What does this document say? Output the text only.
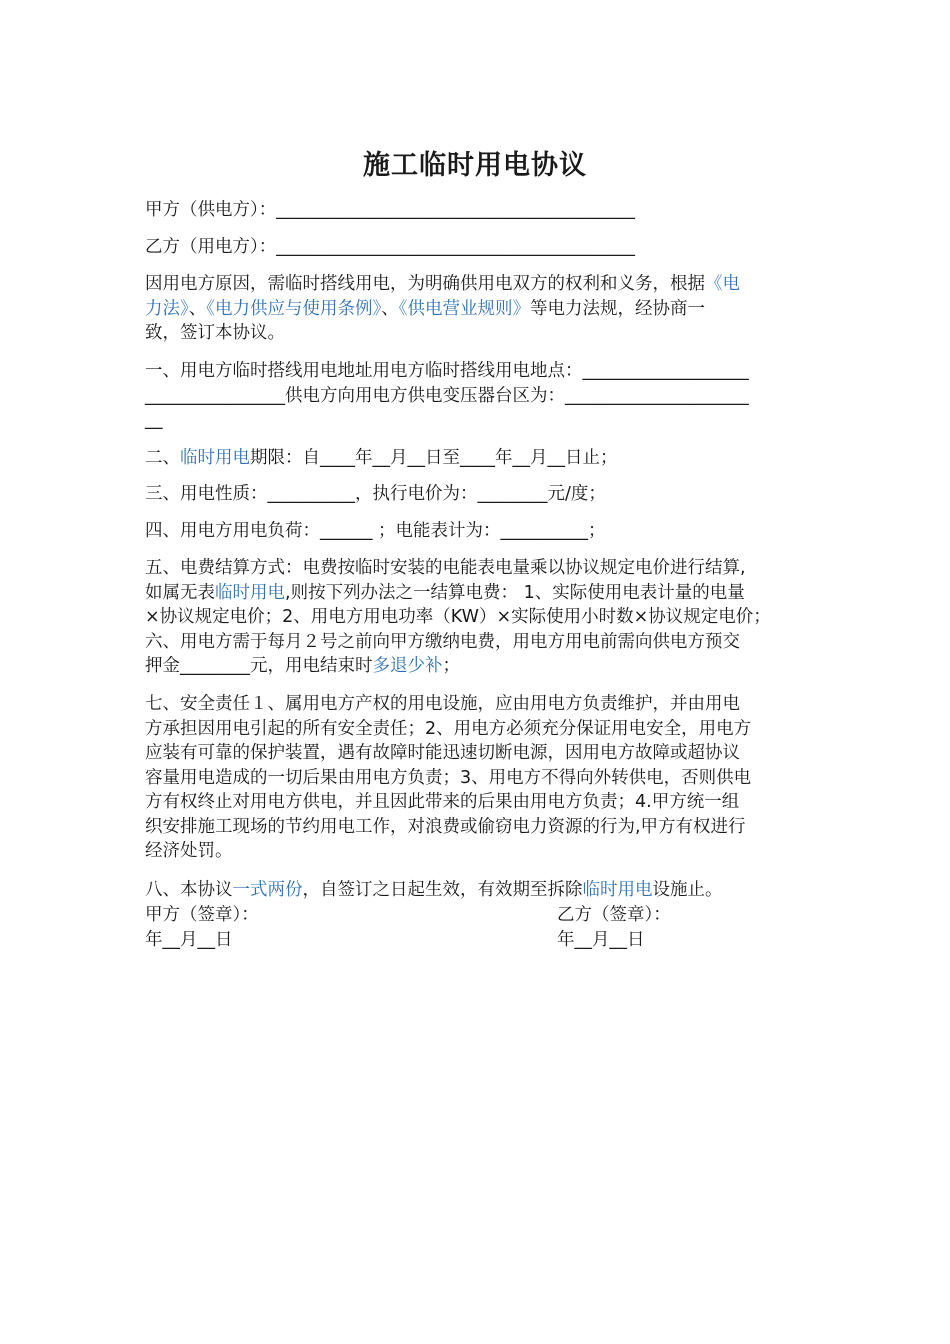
施工临时用电协议
甲方（供电方）：_________________________________________
乙方（用电方）：_________________________________________
因用电方原因，需临时搭线用电，为明确供用电双方的权利和义务，根据《电
力法》、《电力供应与使用条例》、《供电营业规则》等电力法规，经协商一
致，签订本协议。
一、用电方临时搭线用电地址用电方临时搭线用电地点：___________________
________________供电方向用电方供电变压器台区为：_____________________
__
二、临时用电期限：自____年__月__日至____年__月__日止；
三、用电性质：__________，执行电价为：________元/度；
四、用电方用电负荷：______ ；电能表计为：__________；
五、电费结算方式：电费按临时安装的电能表电量乘以协议规定电价进行结算,
如属无表临时用电,则按下列办法之一结算电费： 1、实际使用电表计量的电量
×协议规定电价；2、用电方用电功率（KW）×实际使用小时数×协议规定电价；
六、用电方需于每月２号之前向甲方缴纳电费，用电方用电前需向供电方预交
押金________元，用电结束时多退少补；
七、安全责任１、属用电方产权的用电设施，应由用电方负责维护，并由用电
方承担因用电引起的所有安全责任；2、用电方必须充分保证用电安全，用电方
应装有可靠的保护装置，遇有故障时能迅速切断电源，因用电方故障或超协议
容量用电造成的一切后果由用电方负责；3、用电方不得向外转供电，否则供电
方有权终止对用电方供电，并且因此带来的后果由用电方负责；4.甲方统一组
织安排施工现场的节约用电工作，对浪费或偷窃电力资源的行为,甲方有权进行
经济处罚。
八、本协议一式两份，自签订之日起生效，有效期至拆除临时用电设施止。
甲方（签章）：
年__月__日
乙方（签章）：
年__月__日
